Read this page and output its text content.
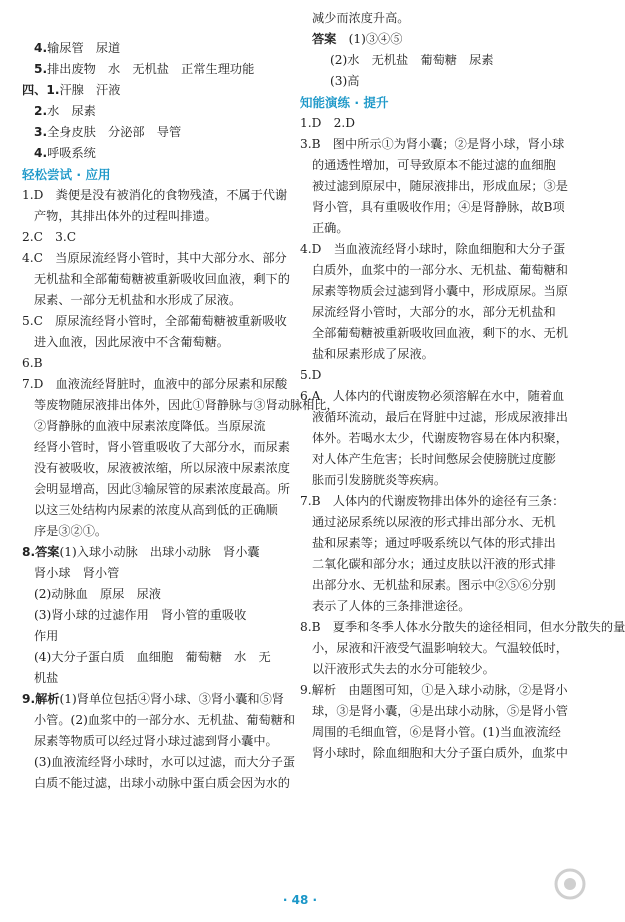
4.输尿管　尿道
5.排出废物　水　无机盐　正常生理功能
四、1.汗腺　汗液
2.水　尿素
3.全身皮肤　分泌部　导管
4.呼吸系统
轻松尝试 · 应用
1.D　粪便是没有被消化的食物残渣，不属于代谢
产物，其排出体外的过程叫排遗。
2.C　3.C
4.C　当原尿流经肾小管时，其中大部分水、部分
无机盐和全部葡萄糖被重新吸收回血液，剩下的
尿素、一部分无机盐和水形成了尿液。
5.C　原尿流经肾小管时，全部葡萄糖被重新吸收
进入血液，因此尿液中不含葡萄糖。
6.B
7.D　血液流经肾脏时，血液中的部分尿素和尿酸
等废物随尿液排出体外，因此①肾静脉与③肾动脉相比，
②肾静脉的血液中尿素浓度降低。当原尿流
经肾小管时，肾小管重吸收了大部分水，而尿素
没有被吸收，尿液被浓缩，所以尿液中尿素浓度
会明显增高，因此③输尿管的尿素浓度最高。所
以这三处结构内尿素的浓度从高到低的正确顺
序是③②①。
8.答案(1)入球小动脉　出球小动脉　肾小囊
肾小球　肾小管
(2)动脉血　原尿　尿液
(3)肾小球的过滤作用　肾小管的重吸收
作用
(4)大分子蛋白质　血细胞　葡萄糖　水　无
机盐
9.解析(1)肾单位包括④肾小球、③肾小囊和⑤肾
小管。(2)血浆中的一部分水、无机盐、葡萄糖和
尿素等物质可以经过肾小球过滤到肾小囊中。
(3)血液流经肾小球时，水可以过滤，而大分子蛋
白质不能过滤，出球小动脉中蛋白质会因为水的
减少而浓度升高。
答案　 (1)③④⑤
(2)水　无机盐　葡萄糖　尿素
(3)高
知能演练 · 提升
1.D　2.D
3.B　图中所示①为肾小囊；②是肾小球，肾小球
的通透性增加，可导致原本不能过滤的血细胞
被过滤到原尿中，随尿液排出，形成血尿；③是
肾小管，具有重吸收作用；④是肾静脉，故B项
正确。
4.D　当血液流经肾小球时，除血细胞和大分子蛋
白质外，血浆中的一部分水、无机盐、葡萄糖和
尿素等物质会过滤到肾小囊中，形成原尿。当原
尿流经肾小管时，大部分的水，部分无机盐和
全部葡萄糖被重新吸收回血液，剩下的水、无机
盐和尿素形成了尿液。
5.D
6.A　人体内的代谢废物必须溶解在水中，随着血
液循环流动，最后在肾脏中过滤，形成尿液排出
体外。若喝水太少，代谢废物容易在体内积聚，
对人体产生危害；长时间憋尿会使膀胱过度膨
胀而引发膀胱炎等疾病。
7.B　人体内的代谢废物排出体外的途径有三条：
通过泌尿系统以尿液的形式排出部分水、无机
盐和尿素等；通过呼吸系统以气体的形式排出
二氧化碳和部分水；通过皮肤以汗液的形式排
出部分水、无机盐和尿素。图示中②⑤⑥分别
表示了人体的三条排泄途径。
8.B　夏季和冬季人体水分散失的途径相同，但水分散失的量
小，尿液和汗液受气温影响较大。气温较低时，
以汗液形式失去的水分可能较少。
9.解析　由题图可知，①是入球小动脉，②是肾小
球，③是肾小囊，④是出球小动脉，⑤是肾小管
周围的毛细血管，⑥是肾小管。(1)当血液流经
肾小球时，除血细胞和大分子蛋白质外，血浆中
· 48 ·
